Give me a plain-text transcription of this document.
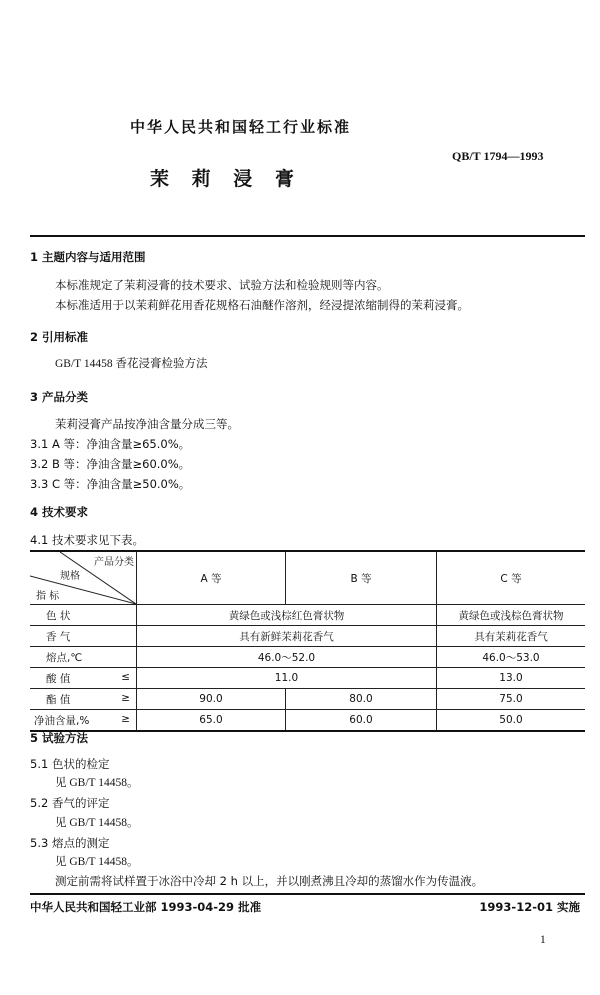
中华人民共和国轻工行业标准
QB/T 1794—1993
茉 莉 浸 膏
1 主题内容与适用范围
本标准规定了茉莉浸膏的技术要求、试验方法和检验规则等内容。
本标准适用于以茉莉鲜花用香花规格石油醚作溶剂，经浸提浓缩制得的茉莉浸膏。
2 引用标准
GB/T 14458 香花浸膏检验方法
3 产品分类
茉莉浸膏产品按净油含量分成三等。
3.1 A 等：净油含量≥65.0%。
3.2 B 等：净油含量≥60.0%。
3.3 C 等：净油含量≥50.0%。
4 技术要求
4.1 技术要求见下表。
产品分类
规格
指 标	A 等	B 等	C 等

色 状	黄绿色或浅棕红色膏状物		黄绿色或浅棕色膏状物

香 气	具有新鲜茉莉花香气		具有茉莉花香气

熔点,℃	46.0～52.0		46.0～53.0

酸 值 ≤	11.0		13.0

酯 值 ≥	90.0	80.0	75.0

净油含量,% ≥	65.0	60.0	50.0
5 试验方法
5.1 色状的检定
见 GB/T 14458。
5.2 香气的评定
见 GB/T 14458。
5.3 熔点的测定
见 GB/T 14458。
测定前需将试样置于冰浴中冷却 2 h 以上，并以刚煮沸且冷却的蒸馏水作为传温液。
中华人民共和国轻工业部 1993-04-29 批准	1993-12-01 实施
1
